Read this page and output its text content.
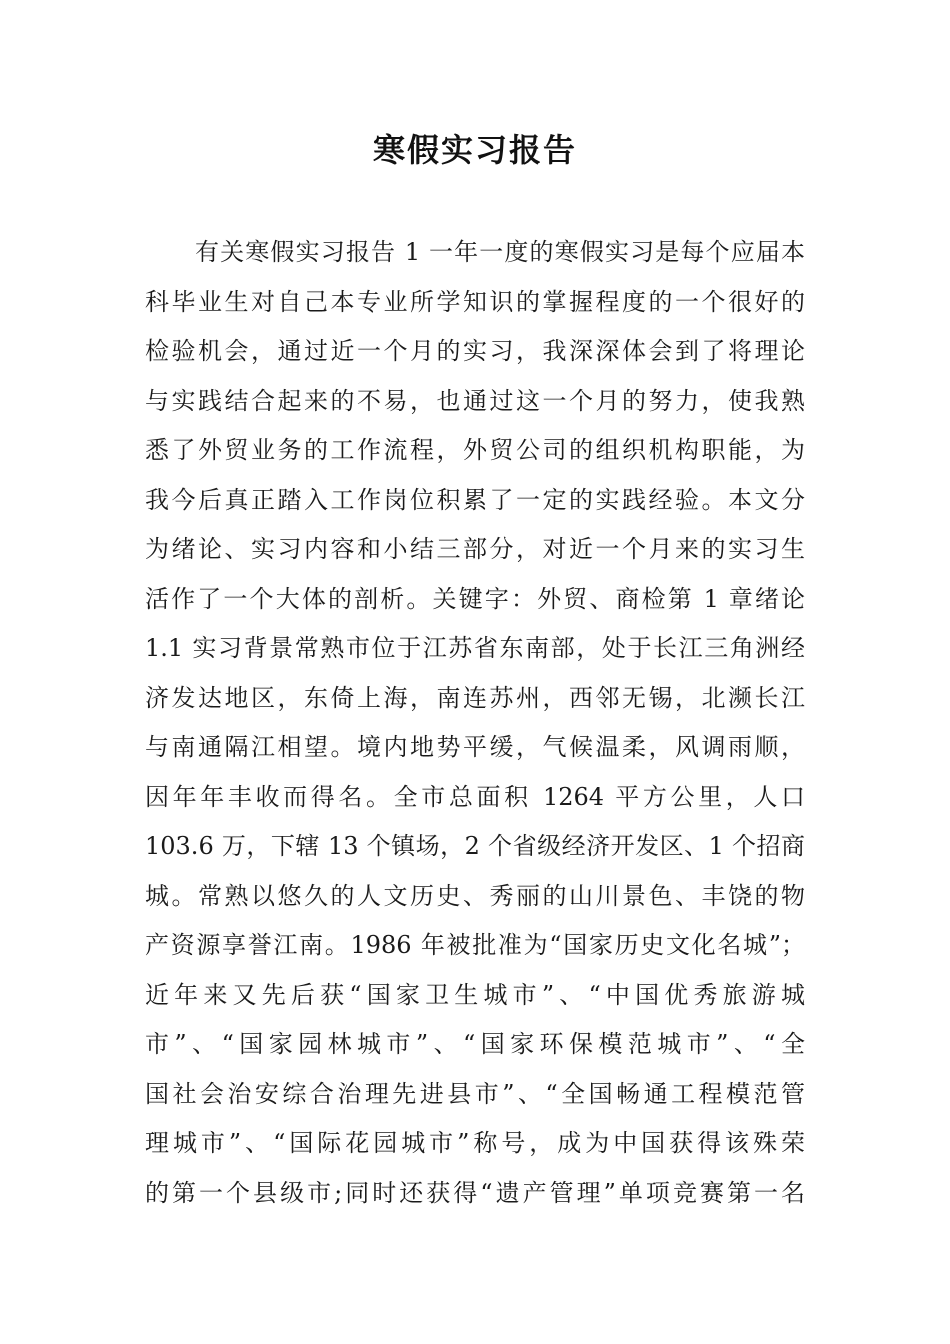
寒假实习报告
有关寒假实习报告 1 一年一度的寒假实习是每个应届本
科毕业生对自己本专业所学知识的掌握程度的一个很好的
检验机会，通过近一个月的实习，我深深体会到了将理论
与实践结合起来的不易，也通过这一个月的努力，使我熟
悉了外贸业务的工作流程，外贸公司的组织机构职能，为
我今后真正踏入工作岗位积累了一定的实践经验。本文分
为绪论、实习内容和小结三部分，对近一个月来的实习生
活作了一个大体的剖析。关键字：外贸、商检第 1 章绪论
1.1 实习背景常熟市位于江苏省东南部，处于长江三角洲经
济发达地区，东倚上海，南连苏州，西邻无锡，北濒长江
与南通隔江相望。境内地势平缓，气候温柔，风调雨顺，
因年年丰收而得名。全市总面积 1264 平方公里，人口
103.6 万，下辖 13 个镇场，2 个省级经济开发区、1 个招商
城。常熟以悠久的人文历史、秀丽的山川景色、丰饶的物
产资源享誉江南。1986 年被批准为“国家历史文化名城”；
近年来又先后获“国家卫生城市”、“中国优秀旅游城
市”、“国家园林城市”、“国家环保模范城市”、“全
国社会治安综合治理先进县市”、“全国畅通工程模范管
理城市”、“国际花园城市”称号，成为中国获得该殊荣
的第一个县级市;同时还获得“遗产管理”单项竞赛第一名
